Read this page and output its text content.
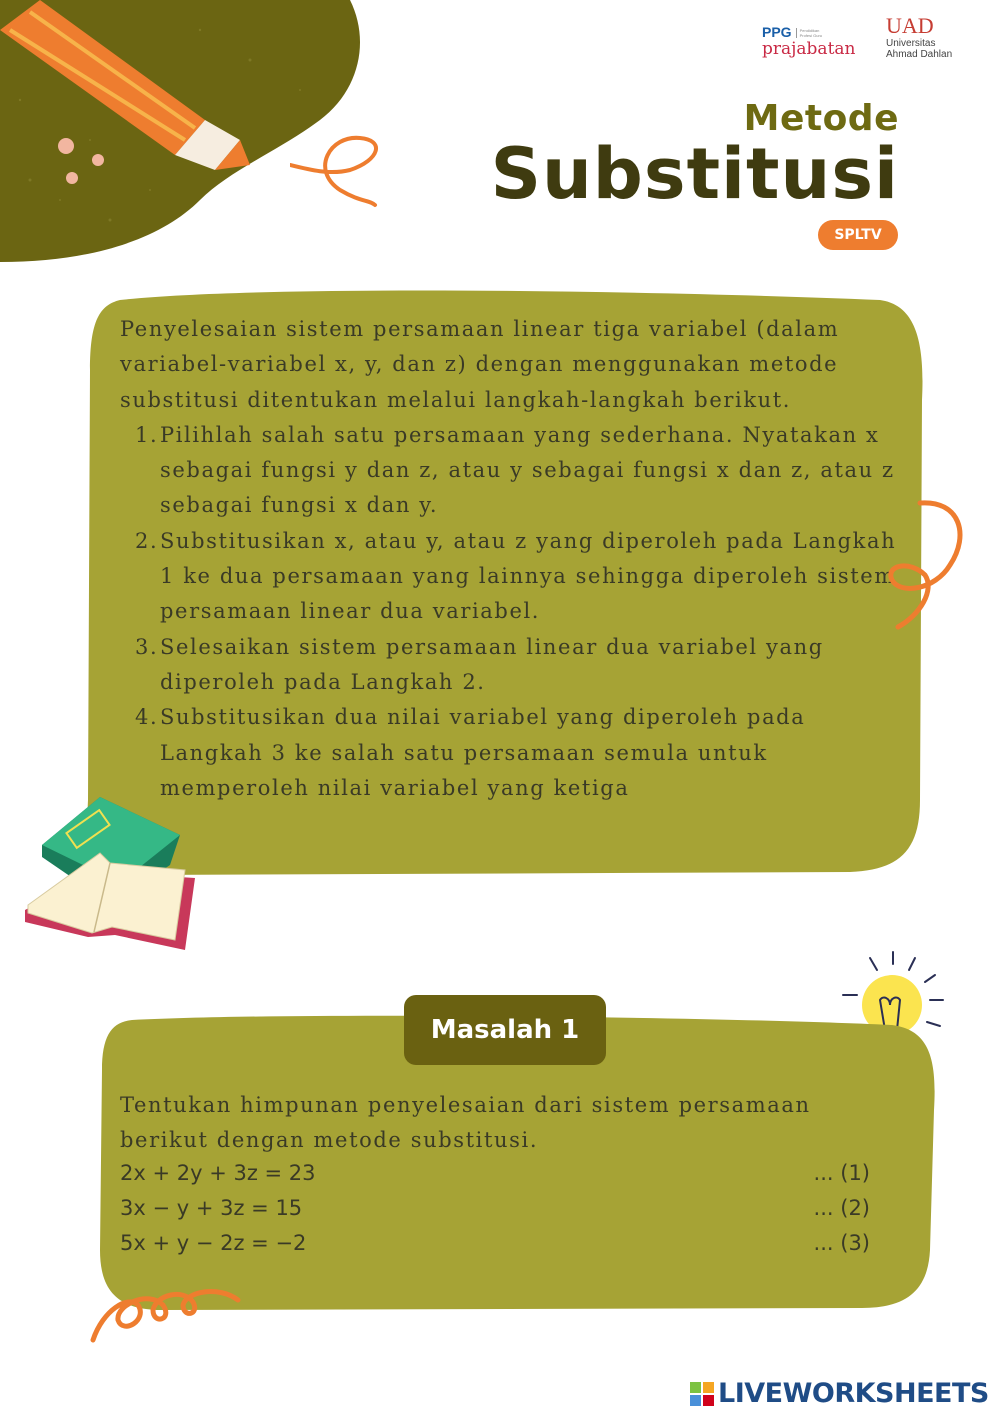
PPG Pendidikan Profesi Guru
prajabatan
UAD
Universitas
Ahmad Dahlan
Metode
Substitusi
SPLTV

Penyelesaian sistem persamaan linear tiga variabel (dalam variabel-variabel x, y, dan z) dengan menggunakan metode substitusi ditentukan melalui langkah-langkah berikut.

1. Pilihlah salah satu persamaan yang sederhana. Nyatakan x sebagai fungsi y dan z, atau y sebagai fungsi x dan z, atau z sebagai fungsi x dan y.
2. Substitusikan x, atau y, atau z yang diperoleh pada Langkah 1 ke dua persamaan yang lainnya sehingga diperoleh sistem persamaan linear dua variabel.
3. Selesaikan sistem persamaan linear dua variabel yang diperoleh pada Langkah 2.
4. Substitusikan dua nilai variabel yang diperoleh pada Langkah 3 ke salah satu persamaan semula untuk memperoleh nilai variabel yang ketiga
Masalah 1
Tentukan himpunan penyelesaian dari sistem persamaan berikut dengan metode substitusi.
2x + 2y + 3z = 23	... (1)
3x − y + 3z = 15	... (2)
5x + y − 2z = −2	... (3)
LIVEWORKSHEETS
